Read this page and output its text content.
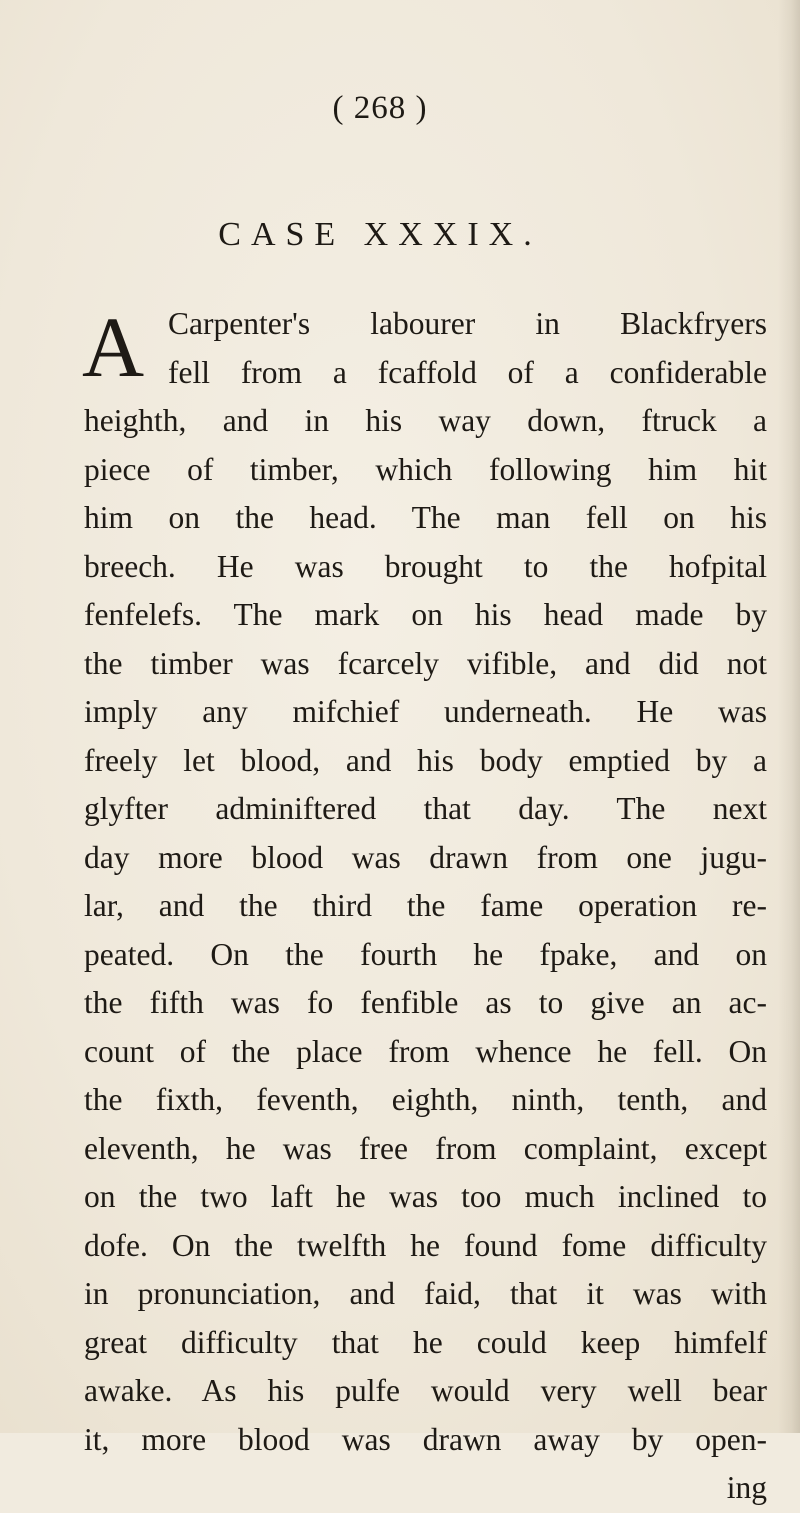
( 268 )
CASE XXXIX.
A Carpenter's labourer in Blackfryers
fell from a fcaffold of a confiderable
heighth, and in his way down, ftruck a
piece of timber, which following him hit
him on the head. The man fell on his
breech. He was brought to the hofpital
fenfelefs. The mark on his head made by
the timber was fcarcely vifible, and did not
imply any mifchief underneath. He was
freely let blood, and his body emptied by a
glyfter adminiftered that day. The next
day more blood was drawn from one jugu-
lar, and the third the fame operation re-
peated. On the fourth he fpake, and on
the fifth was fo fenfible as to give an ac-
count of the place from whence he fell. On
the fixth, feventh, eighth, ninth, tenth, and
eleventh, he was free from complaint, except
on the two laft he was too much inclined to
dofe. On the twelfth he found fome difficulty
in pronunciation, and faid, that it was with
great difficulty that he could keep himfelf
awake. As his pulfe would very well bear
it, more blood was drawn away by open-
ing
